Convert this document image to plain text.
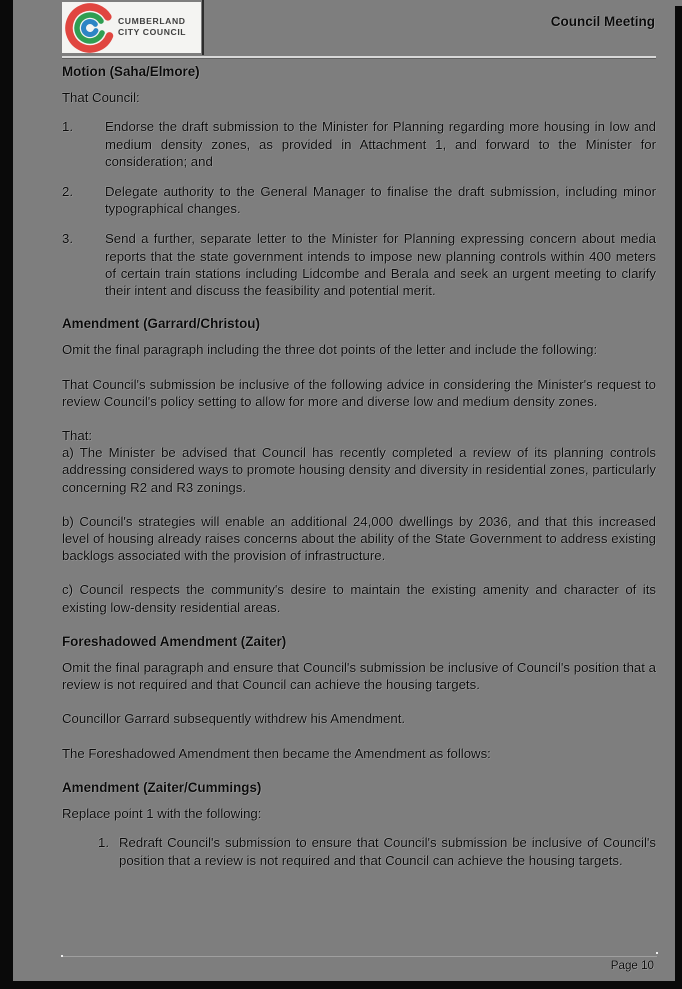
CUMBERLAND
CITY COUNCIL
Council Meeting
Motion (Saha/Elmore)

That Council:

1.	Endorse the draft submission to the Minister for Planning regarding more housing in low and medium density zones, as provided in Attachment 1, and forward to the Minister for consideration; and
2.	Delegate authority to the General Manager to finalise the draft submission, including minor typographical changes.
3.	Send a further, separate letter to the Minister for Planning expressing concern about media reports that the state government intends to impose new planning controls within 400 meters of certain train stations including Lidcombe and Berala and seek an urgent meeting to clarify their intent and discuss the feasibility and potential merit.
Amendment (Garrard/Christou)

Omit the final paragraph including the three dot points of the letter and include the following:

That Council's submission be inclusive of the following advice in considering the Minister's request to review Council's policy setting to allow for more and diverse low and medium density zones.

That:

a) The Minister be advised that Council has recently completed a review of its planning controls addressing considered ways to promote housing density and diversity in residential zones, particularly concerning R2 and R3 zonings.

b) Council's strategies will enable an additional 24,000 dwellings by 2036, and that this increased level of housing already raises concerns about the ability of the State Government to address existing backlogs associated with the provision of infrastructure.

c) Council respects the community's desire to maintain the existing amenity and character of its existing low-density residential areas.

Foreshadowed Amendment (Zaiter)

Omit the final paragraph and ensure that Council's submission be inclusive of Council's position that a review is not required and that Council can achieve the housing targets.

Councillor Garrard subsequently withdrew his Amendment.

The Foreshadowed Amendment then became the Amendment as follows:

Amendment (Zaiter/Cummings)

Replace point 1 with the following:

1. Redraft Council's submission to ensure that Council's submission be inclusive of Council's position that a review is not required and that Council can achieve the housing targets.
Page 10
